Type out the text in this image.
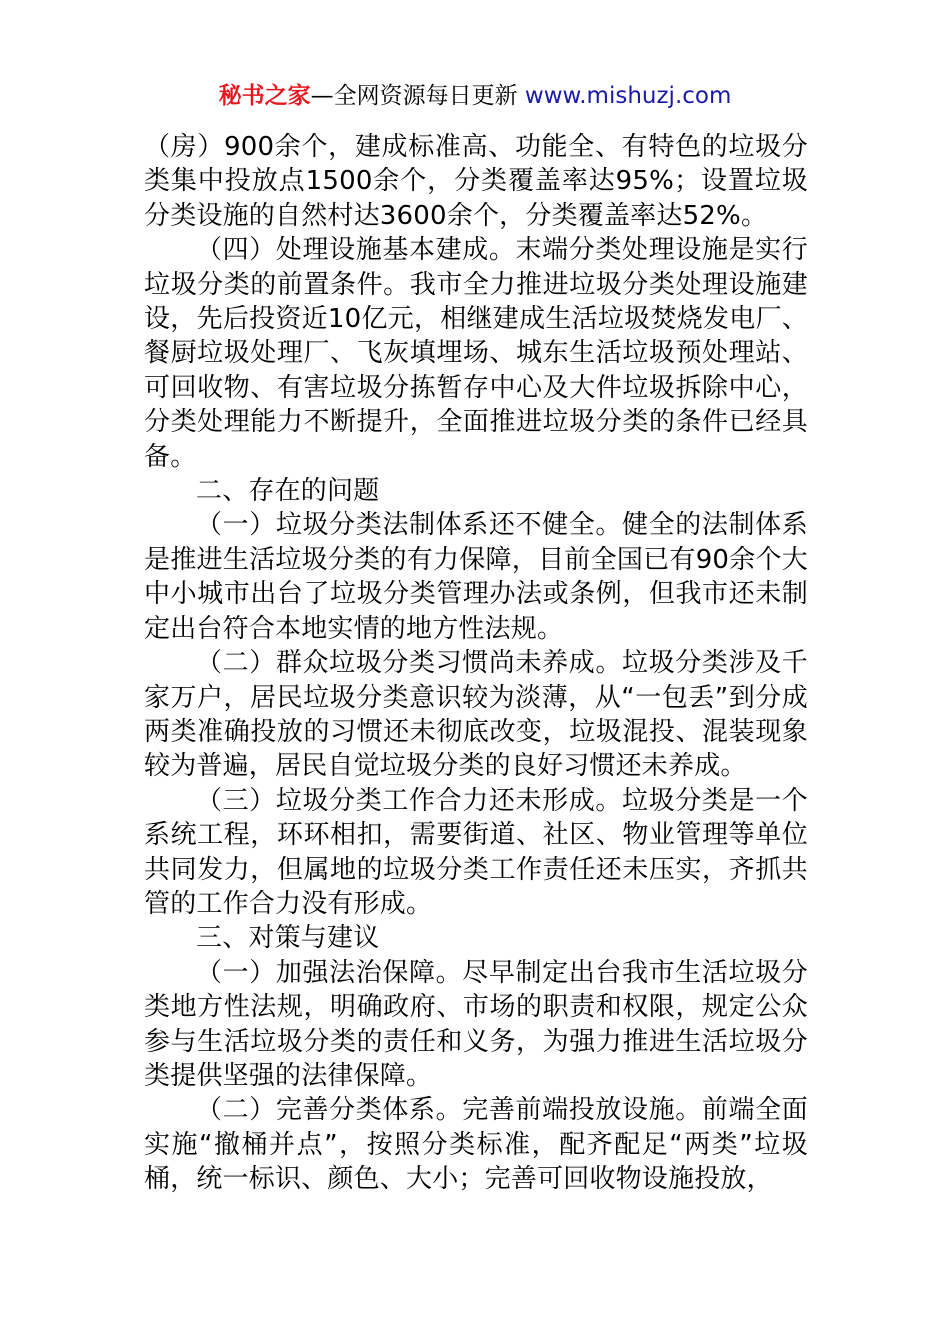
秘书之家—全网资源每日更新 www.mishuzj.com

（房）900余个，建成标准高、功能全、有特色的垃圾分类集中投放点1500余个，分类覆盖率达95%；设置垃圾分类设施的自然村达3600余个，分类覆盖率达52%。

（四）处理设施基本建成。末端分类处理设施是实行垃圾分类的前置条件。我市全力推进垃圾分类处理设施建设，先后投资近10亿元，相继建成生活垃圾焚烧发电厂、餐厨垃圾处理厂、飞灰填埋场、城东生活垃圾预处理站、可回收物、有害垃圾分拣暂存中心及大件垃圾拆除中心，分类处理能力不断提升，全面推进垃圾分类的条件已经具备。

二、存在的问题

（一）垃圾分类法制体系还不健全。健全的法制体系是推进生活垃圾分类的有力保障，目前全国已有90余个大中小城市出台了垃圾分类管理办法或条例，但我市还未制定出台符合本地实情的地方性法规。

（二）群众垃圾分类习惯尚未养成。垃圾分类涉及千家万户，居民垃圾分类意识较为淡薄，从“一包丢”到分成两类准确投放的习惯还未彻底改变，垃圾混投、混装现象较为普遍，居民自觉垃圾分类的良好习惯还未养成。

（三）垃圾分类工作合力还未形成。垃圾分类是一个系统工程，环环相扣，需要街道、社区、物业管理等单位共同发力，但属地的垃圾分类工作责任还未压实，齐抓共管的工作合力没有形成。

三、对策与建议

（一）加强法治保障。尽早制定出台我市生活垃圾分类地方性法规，明确政府、市场的职责和权限，规定公众参与生活垃圾分类的责任和义务，为强力推进生活垃圾分类提供坚强的法律保障。

（二）完善分类体系。完善前端投放设施。前端全面实施“撤桶并点”，按照分类标准，配齐配足“两类”垃圾桶，统一标识、颜色、大小；完善可回收物设施投放，
